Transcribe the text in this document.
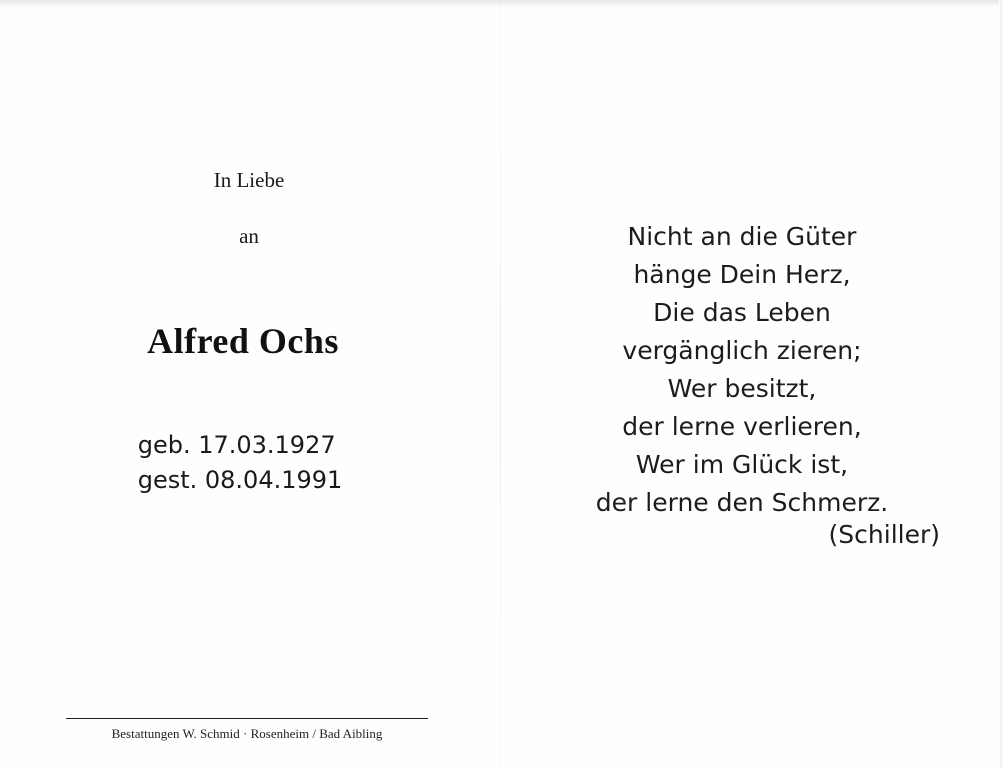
In Liebe
an
Alfred Ochs
geb. 17.03.1927
gest. 08.04.1991
Bestattungen W. Schmid · Rosenheim / Bad Aibling
Nicht an die Güter
hänge Dein Herz,
Die das Leben
vergänglich zieren;
Wer besitzt,
der lerne verlieren,
Wer im Glück ist,
der lerne den Schmerz.
(Schiller)
